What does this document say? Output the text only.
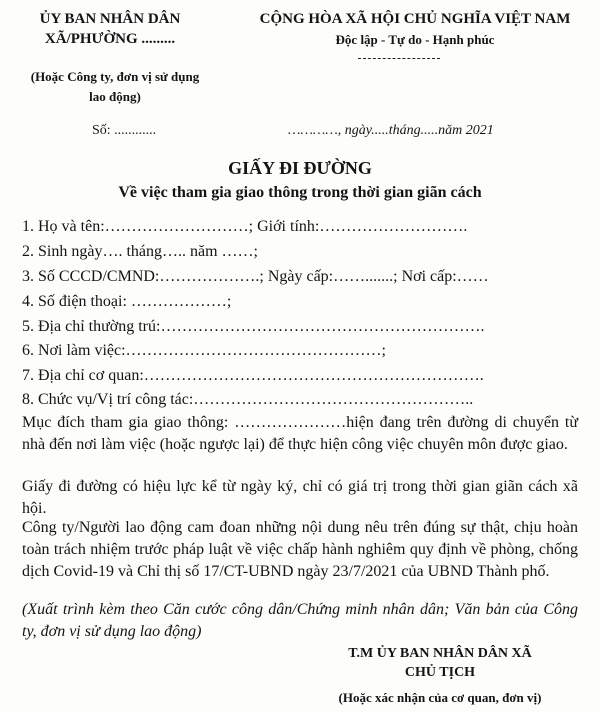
ỦY BAN NHÂN DÂN
XÃ/PHƯỜNG .........
(Hoặc Công ty, đơn vị sử dụng
lao động)
Số: ............
CỘNG HÒA XÃ HỘI CHỦ NGHĨA VIỆT NAM
Độc lập - Tự do - Hạnh phúc
…………, ngày.....tháng.....năm 2021
GIẤY ĐI ĐƯỜNG
Về việc tham gia giao thông trong thời gian giãn cách
1. Họ và tên:………………………; Giới tính:……………………….
2. Sinh ngày…. tháng….. năm ……;
3. Số CCCD/CMND:……………….; Ngày cấp:…….......; Nơi cấp:……
4. Số điện thoại: ………………;
5. Địa chỉ thường trú:…………………………………………………….
6. Nơi làm việc:…………………………………………;
7. Địa chỉ cơ quan:……………………………………………………….
8. Chức vụ/Vị trí công tác:……………………………………………..
Mục đích tham gia giao thông: …………………hiện đang trên đường di chuyển từ nhà đến nơi làm việc (hoặc ngược lại) để thực hiện công việc chuyên môn được giao.
Giấy đi đường có hiệu lực kể từ ngày ký, chỉ có giá trị trong thời gian giãn cách xã hội.
Công ty/Người lao động cam đoan những nội dung nêu trên đúng sự thật, chịu hoàn toàn trách nhiệm trước pháp luật về việc chấp hành nghiêm quy định về phòng, chống dịch Covid-19 và Chỉ thị số 17/CT-UBND ngày 23/7/2021 của UBND Thành phố.
(Xuất trình kèm theo Căn cước công dân/Chứng minh nhân dân; Văn bản của Công ty, đơn vị sử dụng lao động)
T.M ỦY BAN NHÂN DÂN XÃ
CHỦ TỊCH
(Hoặc xác nhận của cơ quan, đơn vị)
